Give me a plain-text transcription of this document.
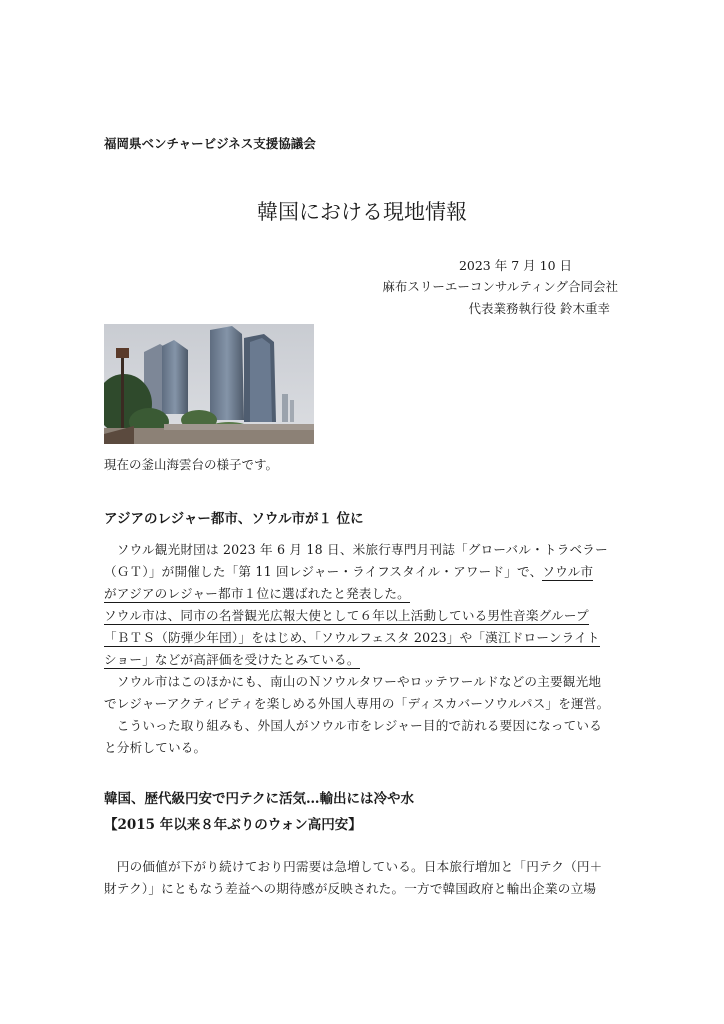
福岡県ベンチャービジネス支援協議会
韓国における現地情報
2023 年 7 月 10 日
麻布スリーエーコンサルティング合同会社
代表業務執行役 鈴木重幸
現在の釜山海雲台の様子です。
アジアのレジャー都市、ソウル市が１ 位に
　ソウル観光財団は 2023 年 6 月 18 日、米旅行専門月刊誌「グローバル・トラベラー
（ＧＴ）」が開催した「第 11 回レジャー・ライフスタイル・アワード」で、ソウル市
がアジアのレジャー都市１位に選ばれたと発表した。
ソウル市は、同市の名誉観光広報大使として６年以上活動している男性音楽グループ
「ＢＴＳ（防弾少年団）」をはじめ、「ソウルフェスタ 2023」や「漢江ドローンライト
ショー」などが高評価を受けたとみている。
　ソウル市はこのほかにも、南山のＮソウルタワーやロッテワールドなどの主要観光地
でレジャーアクティビティを楽しめる外国人専用の「ディスカバーソウルパス」を運営。
　こういった取り組みも、外国人がソウル市をレジャー目的で訪れる要因になっている
と分析している。
韓国、歴代級円安で円テクに活気…輸出には冷や水
【2015 年以来８年ぶりのウォン高円安】
　円の価値が下がり続けており円需要は急増している。日本旅行増加と「円テク（円＋
財テク）」にともなう差益への期待感が反映された。一方で韓国政府と輸出企業の立場
